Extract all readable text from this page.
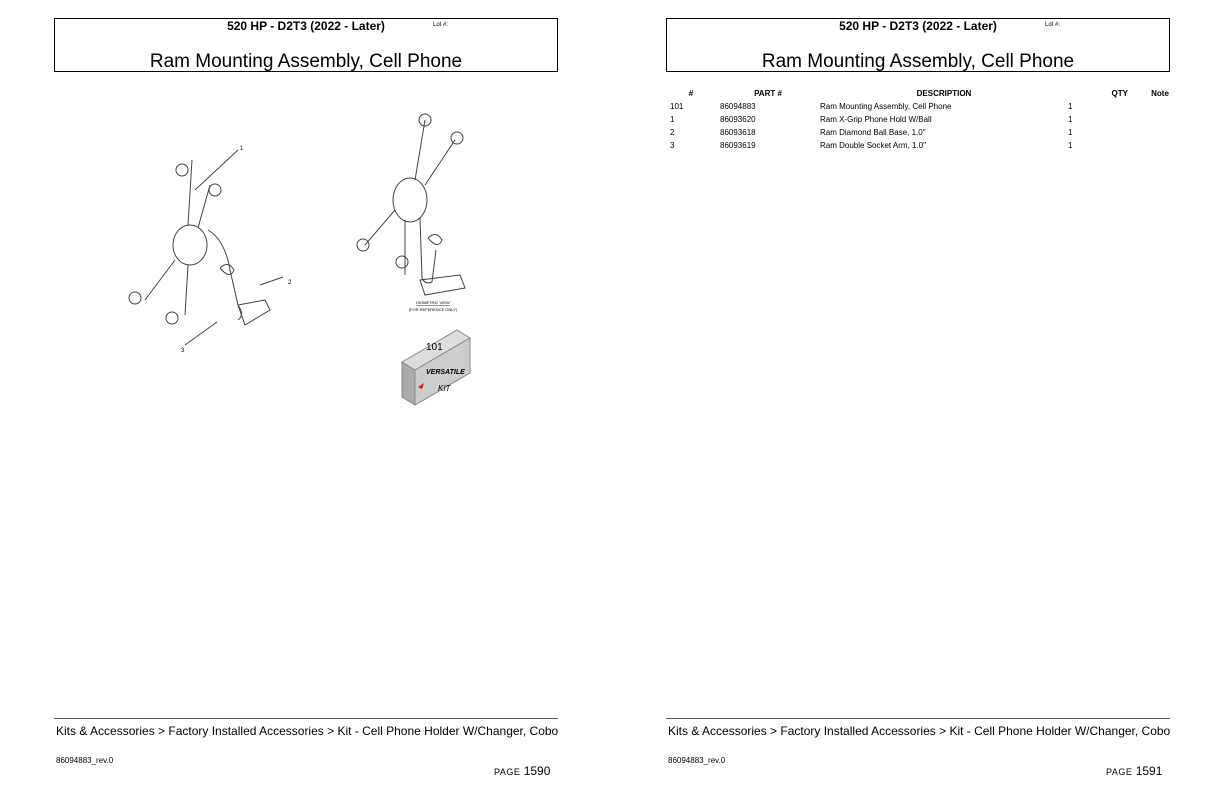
520 HP - D2T3 (2022 - Later)	Lot #:
Ram Mounting Assembly, Cell Phone
1
2
3
ISOMETRIC VIEW
(FOR REFERENCE ONLY)
101
VERSATILE
KIT
Kits & Accessories > Factory Installed Accessories > Kit - Cell Phone Holder W/Changer, Cobo
86094883_rev.0
PAGE 1590
520 HP - D2T3 (2022 - Later)	Lot #:
Ram Mounting Assembly, Cell Phone
#	PART #	DESCRIPTION	QTY	Note
101	86094883	Ram Mounting Assembly, Cell Phone	1	
1	86093620	Ram X-Grip Phone Hold W/Ball	1	
2	86093618	Ram Diamond Ball Base, 1.0"	1	
3	86093619	Ram Double Socket Arm, 1.0"	1	
Kits & Accessories > Factory Installed Accessories > Kit - Cell Phone Holder W/Changer, Cobo
86094883_rev.0
PAGE 1591
